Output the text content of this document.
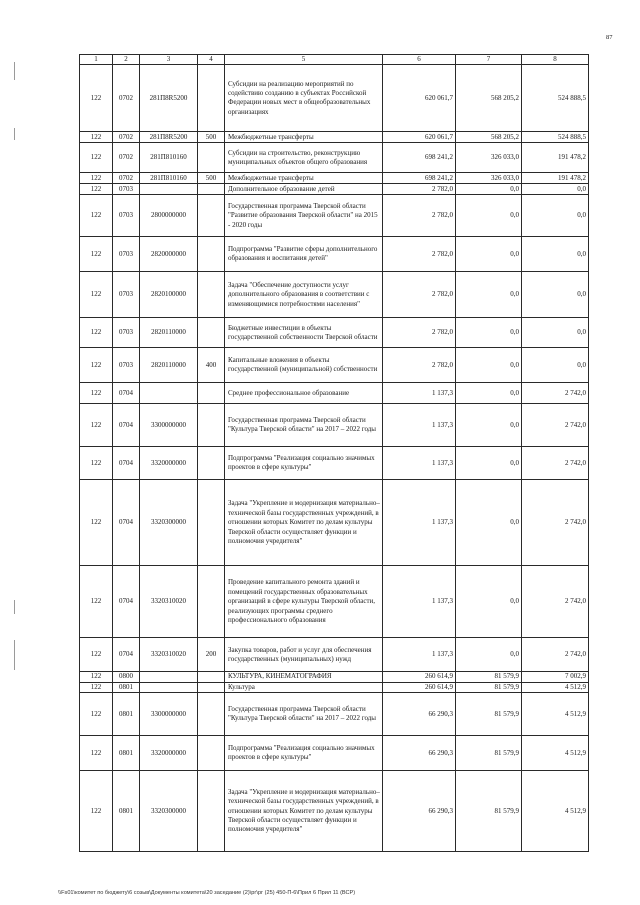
87
1	2	3	4	5	6	7	8
122	0702	281П8R5200		Субсидии на реализацию мероприятий по содействию созданию в субъектах Российской Федерации новых мест в общеобразовательных организациях	620 061,7	568 205,2	524 888,5
122	0702	281П8R5200	500	Межбюджетные трансферты	620 061,7	568 205,2	524 888,5
122	0702	281П810160		Субсидии на строительство, реконструкцию муниципальных объектов общего образования	698 241,2	326 033,0	191 478,2
122	0702	281П810160	500	Межбюджетные трансферты	698 241,2	326 033,0	191 478,2
122	0703			Дополнительное образование детей	2 782,0	0,0	0,0
122	0703	2800000000		Государственная программа Тверской области "Развитие образования Тверской области" на 2015 - 2020 годы	2 782,0	0,0	0,0
122	0703	2820000000		Подпрограмма "Развитие сферы дополнительного образования и воспитания детей"	2 782,0	0,0	0,0
122	0703	2820100000		Задача "Обеспечение доступности услуг дополнительного образования в соответствии с изменяющимися потребностями населения"	2 782,0	0,0	0,0
122	0703	2820110000		Бюджетные инвестиции в объекты государственной собственности Тверской области	2 782,0	0,0	0,0
122	0703	2820110000	400	Капитальные вложения в объекты государственной (муниципальной) собственности	2 782,0	0,0	0,0
122	0704			Среднее профессиональное образование	1 137,3	0,0	2 742,0
122	0704	3300000000		Государственная программа Тверской области "Культура Тверской области" на 2017 – 2022 годы	1 137,3	0,0	2 742,0
122	0704	3320000000		Подпрограмма "Реализация социально значимых проектов в сфере культуры"	1 137,3	0,0	2 742,0
122	0704	3320300000		Задача "Укрепление и модернизация материально–технической базы государственных учреждений, в отношении которых Комитет по делам культуры Тверской области осуществляет функции и полномочия учредителя"	1 137,3	0,0	2 742,0
122	0704	3320310020		Проведение капитального ремонта зданий и помещений государственных образовательных организаций в сфере культуры Тверской области, реализующих программы среднего профессионального образования	1 137,3	0,0	2 742,0
122	0704	3320310020	200	Закупка товаров, работ и услуг для обеспечения государственных (муниципальных) нужд	1 137,3	0,0	2 742,0
122	0800			КУЛЬТУРА, КИНЕМАТОГРАФИЯ	260 614,9	81 579,9	7 002,9
122	0801			Культура	260 614,9	81 579,9	4 512,9
122	0801	3300000000		Государственная программа Тверской области "Культура Тверской области" на 2017 – 2022 годы	66 290,3	81 579,9	4 512,9
122	0801	3320000000		Подпрограмма "Реализация социально значимых проектов в сфере культуры"	66 290,3	81 579,9	4 512,9
122	0801	3320300000		Задача "Укрепление и модернизация материально–технической базы государственных учреждений, в отношении которых Комитет по делам культуры Тверской области осуществляет функции и полномочия учредителя"	66 290,3	81 579,9	4 512,9
\\Fs01\комитет по бюджету\6 созыв\Документы комитета\20 заседание (2)\рг\рг (25) 450-П-6\Прил 6 Прил 11 (ВСР)
